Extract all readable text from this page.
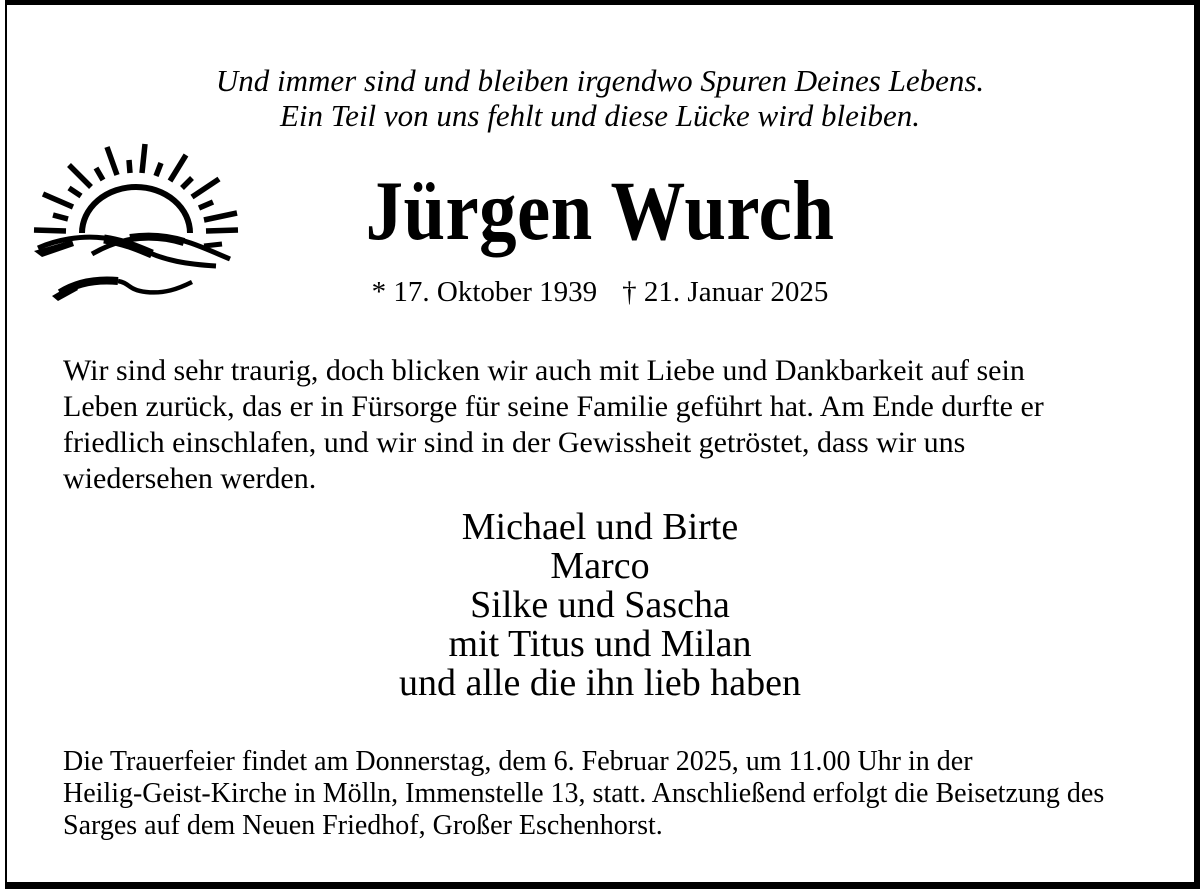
Und immer sind und bleiben irgendwo Spuren Deines Lebens.
Ein Teil von uns fehlt und diese Lücke wird bleiben.
Jürgen Wurch
* 17. Oktober 1939 † 21. Januar 2025
Wir sind sehr traurig, doch blicken wir auch mit Liebe und Dankbarkeit auf sein
Leben zurück, das er in Fürsorge für seine Familie geführt hat. Am Ende durfte er
friedlich einschlafen, und wir sind in der Gewissheit getröstet, dass wir uns
wiedersehen werden.
Michael und Birte
Marco
Silke und Sascha
mit Titus und Milan
und alle die ihn lieb haben
Die Trauerfeier findet am Donnerstag, dem 6. Februar 2025, um 11.00 Uhr in der
Heilig-Geist-Kirche in Mölln, Immenstelle 13, statt. Anschließend erfolgt die Beisetzung des
Sarges auf dem Neuen Friedhof, Großer Eschenhorst.
